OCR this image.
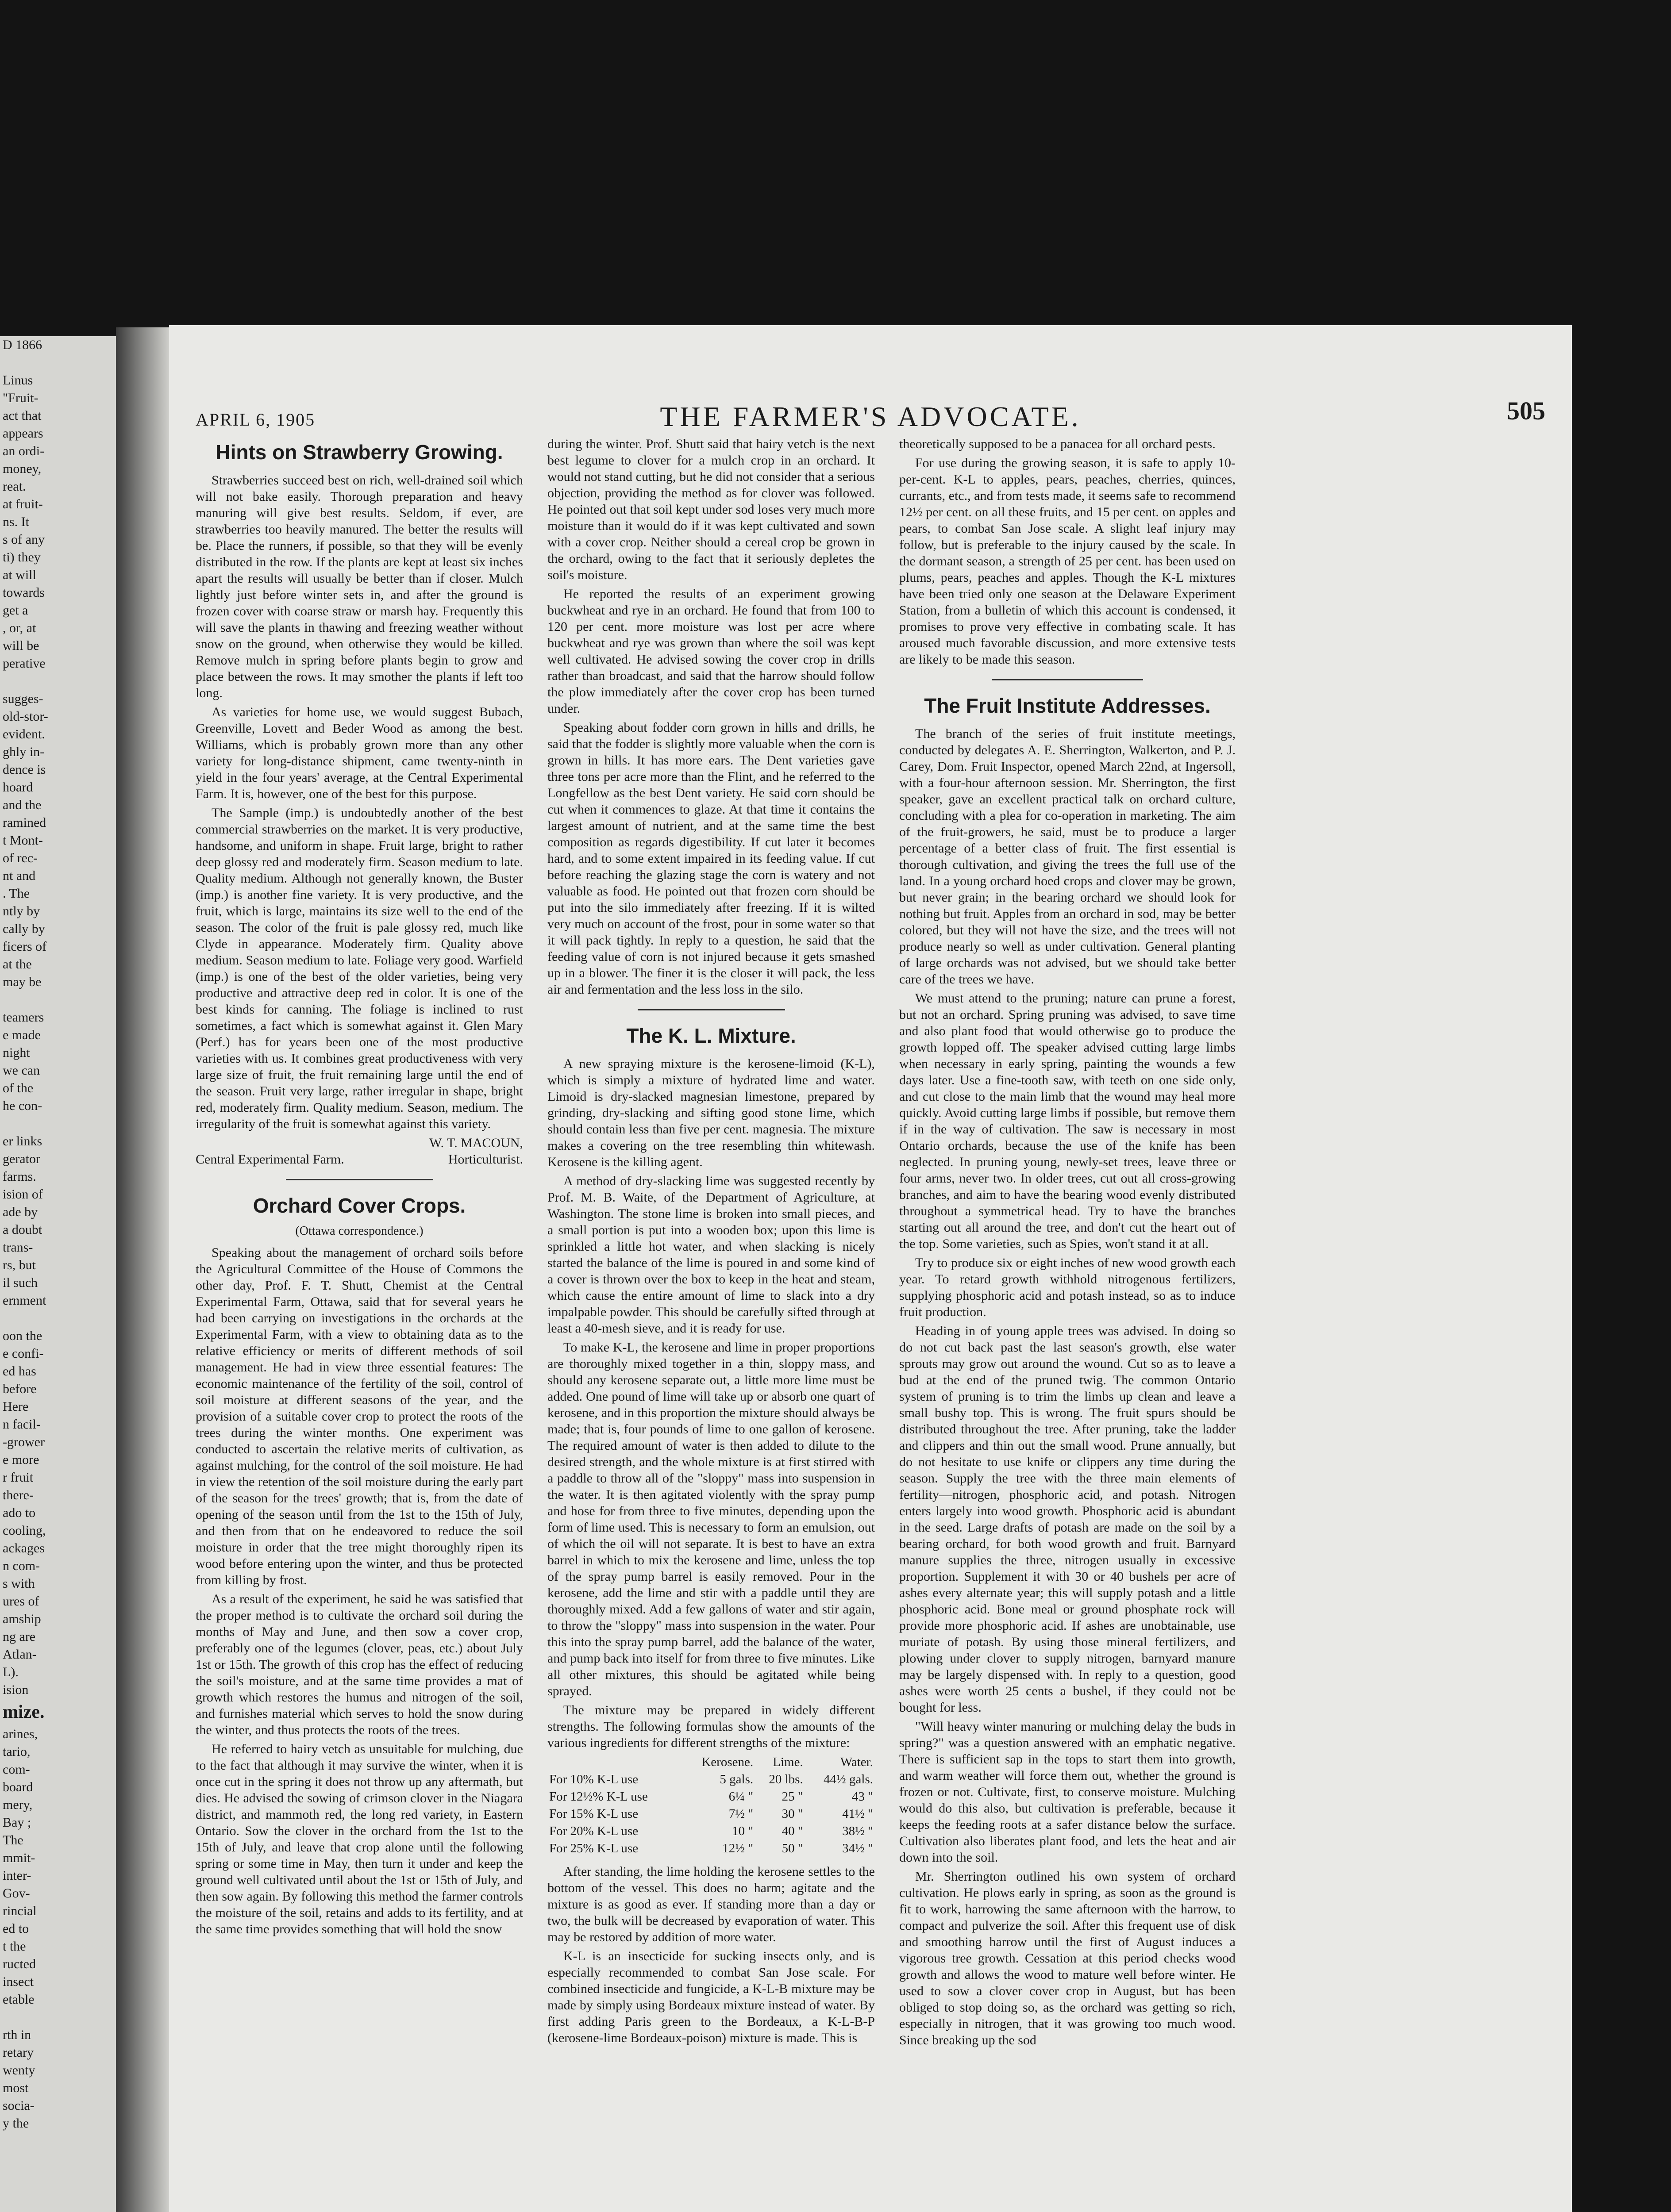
D 1866

Linus
"Fruit-
act that
appears
an ordi-
money,
reat.
at fruit-
ns. It
s of any
ti) they
at will
towards
get a
, or, at
will be
perative

sugges-
old-stor-
evident.
ghly in-
dence is
hoard
and the
ramined
t Mont-
of rec-
nt and
. The
ntly by
cally by
ficers of
at the
may be

teamers
e made
night
we can
of the
he con-

er links
gerator
farms.
ision of
ade by
a doubt
trans-
rs, but
il such
ernment

oon the
e confi-
ed has
before
Here
n facil-
-grower
e more
r fruit
there-
ado to
cooling,
ackages
n com-
s with
ures of
amship
ng are
Atlan-
L).
ision
mize.
arines,
tario,
com-
board
mery,
Bay ;
The
mmit-
inter-
Gov-
rincial
ed to
t the
ructed
insect
etable

rth in
retary
wenty
most
socia-
y the
APRIL 6, 1905	THE FARMER'S ADVOCATE.	505
Hints on Strawberry Growing.

Strawberries succeed best on rich, well-drained soil which will not bake easily. Thorough preparation and heavy manuring will give best results. Seldom, if ever, are strawberries too heavily manured. The better the results will be. Place the runners, if possible, so that they will be evenly distributed in the row. If the plants are kept at least six inches apart the results will usually be better than if closer. Mulch lightly just before winter sets in, and after the ground is frozen cover with coarse straw or marsh hay. Frequently this will save the plants in thawing and freezing weather without snow on the ground, when otherwise they would be killed. Remove mulch in spring before plants begin to grow and place between the rows. It may smother the plants if left too long.

As varieties for home use, we would suggest Bubach, Greenville, Lovett and Beder Wood as among the best. Williams, which is probably grown more than any other variety for long-distance shipment, came twenty-ninth in yield in the four years' average, at the Central Experimental Farm. It is, however, one of the best for this purpose.

The Sample (imp.) is undoubtedly another of the best commercial strawberries on the market. It is very productive, handsome, and uniform in shape. Fruit large, bright to rather deep glossy red and moderately firm. Season medium to late. Quality medium. Although not generally known, the Buster (imp.) is another fine variety. It is very productive, and the fruit, which is large, maintains its size well to the end of the season. The color of the fruit is pale glossy red, much like Clyde in appearance. Moderately firm. Quality above medium. Season medium to late. Foliage very good. Warfield (imp.) is one of the best of the older varieties, being very productive and attractive deep red in color. It is one of the best kinds for canning. The foliage is inclined to rust sometimes, a fact which is somewhat against it. Glen Mary (Perf.) has for years been one of the most productive varieties with us. It combines great productiveness with very large size of fruit, the fruit remaining large until the end of the season. Fruit very large, rather irregular in shape, bright red, moderately firm. Quality medium. Season, medium. The irregularity of the fruit is somewhat against this variety.

W. T. MACOUN,

Central Experimental Farm.	Horticulturist.
Orchard Cover Crops.
(Ottawa correspondence.)

Speaking about the management of orchard soils before the Agricultural Committee of the House of Commons the other day, Prof. F. T. Shutt, Chemist at the Central Experimental Farm, Ottawa, said that for several years he had been carrying on investigations in the orchards at the Experimental Farm, with a view to obtaining data as to the relative efficiency or merits of different methods of soil management. He had in view three essential features: The economic maintenance of the fertility of the soil, control of soil moisture at different seasons of the year, and the provision of a suitable cover crop to protect the roots of the trees during the winter months. One experiment was conducted to ascertain the relative merits of cultivation, as against mulching, for the control of the soil moisture. He had in view the retention of the soil moisture during the early part of the season for the trees' growth; that is, from the date of opening of the season until from the 1st to the 15th of July, and then from that on he endeavored to reduce the soil moisture in order that the tree might thoroughly ripen its wood before entering upon the winter, and thus be protected from killing by frost.

As a result of the experiment, he said he was satisfied that the proper method is to cultivate the orchard soil during the months of May and June, and then sow a cover crop, preferably one of the legumes (clover, peas, etc.) about July 1st or 15th. The growth of this crop has the effect of reducing the soil's moisture, and at the same time provides a mat of growth which restores the humus and nitrogen of the soil, and furnishes material which serves to hold the snow during the winter, and thus protects the roots of the trees.

He referred to hairy vetch as unsuitable for mulching, due to the fact that although it may survive the winter, when it is once cut in the spring it does not throw up any aftermath, but dies. He advised the sowing of crimson clover in the Niagara district, and mammoth red, the long red variety, in Eastern Ontario. Sow the clover in the orchard from the 1st to the 15th of July, and leave that crop alone until the following spring or some time in May, then turn it under and keep the ground well cultivated until about the 1st or 15th of July, and then sow again. By following this method the farmer controls the moisture of the soil, retains and adds to its fertility, and at the same time provides something that will hold the snow

during the winter. Prof. Shutt said that hairy vetch is the next best legume to clover for a mulch crop in an orchard. It would not stand cutting, but he did not consider that a serious objection, providing the method as for clover was followed. He pointed out that soil kept under sod loses very much more moisture than it would do if it was kept cultivated and sown with a cover crop. Neither should a cereal crop be grown in the orchard, owing to the fact that it seriously depletes the soil's moisture.

He reported the results of an experiment growing buckwheat and rye in an orchard. He found that from 100 to 120 per cent. more moisture was lost per acre where buckwheat and rye was grown than where the soil was kept well cultivated. He advised sowing the cover crop in drills rather than broadcast, and said that the harrow should follow the plow immediately after the cover crop has been turned under.

Speaking about fodder corn grown in hills and drills, he said that the fodder is slightly more valuable when the corn is grown in hills. It has more ears. The Dent varieties gave three tons per acre more than the Flint, and he referred to the Longfellow as the best Dent variety. He said corn should be cut when it commences to glaze. At that time it contains the largest amount of nutrient, and at the same time the best composition as regards digestibility. If cut later it becomes hard, and to some extent impaired in its feeding value. If cut before reaching the glazing stage the corn is watery and not valuable as food. He pointed out that frozen corn should be put into the silo immediately after freezing. If it is wilted very much on account of the frost, pour in some water so that it will pack tightly. In reply to a question, he said that the feeding value of corn is not injured because it gets smashed up in a blower. The finer it is the closer it will pack, the less air and fermentation and the less loss in the silo.

The K. L. Mixture.

A new spraying mixture is the kerosene-limoid (K-L), which is simply a mixture of hydrated lime and water. Limoid is dry-slacked magnesian limestone, prepared by grinding, dry-slacking and sifting good stone lime, which should contain less than five per cent. magnesia. The mixture makes a covering on the tree resembling thin whitewash. Kerosene is the killing agent.

A method of dry-slacking lime was suggested recently by Prof. M. B. Waite, of the Department of Agriculture, at Washington. The stone lime is broken into small pieces, and a small portion is put into a wooden box; upon this lime is sprinkled a little hot water, and when slacking is nicely started the balance of the lime is poured in and some kind of a cover is thrown over the box to keep in the heat and steam, which cause the entire amount of lime to slack into a dry impalpable powder. This should be carefully sifted through at least a 40-mesh sieve, and it is ready for use.

To make K-L, the kerosene and lime in proper proportions are thoroughly mixed together in a thin, sloppy mass, and should any kerosene separate out, a little more lime must be added. One pound of lime will take up or absorb one quart of kerosene, and in this proportion the mixture should always be made; that is, four pounds of lime to one gallon of kerosene. The required amount of water is then added to dilute to the desired strength, and the whole mixture is at first stirred with a paddle to throw all of the "sloppy" mass into suspension in the water. It is then agitated violently with the spray pump and hose for from three to five minutes, depending upon the form of lime used. This is necessary to form an emulsion, out of which the oil will not separate. It is best to have an extra barrel in which to mix the kerosene and lime, unless the top of the spray pump barrel is easily removed. Pour in the kerosene, add the lime and stir with a paddle until they are thoroughly mixed. Add a few gallons of water and stir again, to throw the "sloppy" mass into suspension in the water. Pour this into the spray pump barrel, add the balance of the water, and pump back into itself for from three to five minutes. Like all other mixtures, this should be agitated while being sprayed.

The mixture may be prepared in widely different strengths. The following formulas show the amounts of the various ingredients for different strengths of the mixture:

	Kerosene.	Lime.	Water.
For 10% K-L use	5 gals.	20 lbs.	44½ gals.
For 12½% K-L use	6¼ "	25 "	43 "
For 15% K-L use	7½ "	30 "	41½ "
For 20% K-L use	10 "	40 "	38½ "
For 25% K-L use	12½ "	50 "	34½ "

After standing, the lime holding the kerosene settles to the bottom of the vessel. This does no harm; agitate and the mixture is as good as ever. If standing more than a day or two, the bulk will be decreased by evaporation of water. This may be restored by addition of more water.

K-L is an insecticide for sucking insects only, and is especially recommended to combat San Jose scale. For combined insecticide and fungicide, a K-L-B mixture may be made by simply using Bordeaux mixture instead of water. By first adding Paris green to the Bordeaux, a K-L-B-P (kerosene-lime Bordeaux-poison) mixture is made. This is

theoretically supposed to be a panacea for all orchard pests.

For use during the growing season, it is safe to apply 10-per-cent. K-L to apples, pears, peaches, cherries, quinces, currants, etc., and from tests made, it seems safe to recommend 12½ per cent. on all these fruits, and 15 per cent. on apples and pears, to combat San Jose scale. A slight leaf injury may follow, but is preferable to the injury caused by the scale. In the dormant season, a strength of 25 per cent. has been used on plums, pears, peaches and apples. Though the K-L mixtures have been tried only one season at the Delaware Experiment Station, from a bulletin of which this account is condensed, it promises to prove very effective in combating scale. It has aroused much favorable discussion, and more extensive tests are likely to be made this season.

The Fruit Institute Addresses.

The branch of the series of fruit institute meetings, conducted by delegates A. E. Sherrington, Walkerton, and P. J. Carey, Dom. Fruit Inspector, opened March 22nd, at Ingersoll, with a four-hour afternoon session. Mr. Sherrington, the first speaker, gave an excellent practical talk on orchard culture, concluding with a plea for co-operation in marketing. The aim of the fruit-growers, he said, must be to produce a larger percentage of a better class of fruit. The first essential is thorough cultivation, and giving the trees the full use of the land. In a young orchard hoed crops and clover may be grown, but never grain; in the bearing orchard we should look for nothing but fruit. Apples from an orchard in sod, may be better colored, but they will not have the size, and the trees will not produce nearly so well as under cultivation. General planting of large orchards was not advised, but we should take better care of the trees we have.

We must attend to the pruning; nature can prune a forest, but not an orchard. Spring pruning was advised, to save time and also plant food that would otherwise go to produce the growth lopped off. The speaker advised cutting large limbs when necessary in early spring, painting the wounds a few days later. Use a fine-tooth saw, with teeth on one side only, and cut close to the main limb that the wound may heal more quickly. Avoid cutting large limbs if possible, but remove them if in the way of cultivation. The saw is necessary in most Ontario orchards, because the use of the knife has been neglected. In pruning young, newly-set trees, leave three or four arms, never two. In older trees, cut out all cross-growing branches, and aim to have the bearing wood evenly distributed throughout a symmetrical head. Try to have the branches starting out all around the tree, and don't cut the heart out of the top. Some varieties, such as Spies, won't stand it at all.

Try to produce six or eight inches of new wood growth each year. To retard growth withhold nitrogenous fertilizers, supplying phosphoric acid and potash instead, so as to induce fruit production.

Heading in of young apple trees was advised. In doing so do not cut back past the last season's growth, else water sprouts may grow out around the wound. Cut so as to leave a bud at the end of the pruned twig. The common Ontario system of pruning is to trim the limbs up clean and leave a small bushy top. This is wrong. The fruit spurs should be distributed throughout the tree. After pruning, take the ladder and clippers and thin out the small wood. Prune annually, but do not hesitate to use knife or clippers any time during the season. Supply the tree with the three main elements of fertility—nitrogen, phosphoric acid, and potash. Nitrogen enters largely into wood growth. Phosphoric acid is abundant in the seed. Large drafts of potash are made on the soil by a bearing orchard, for both wood growth and fruit. Barnyard manure supplies the three, nitrogen usually in excessive proportion. Supplement it with 30 or 40 bushels per acre of ashes every alternate year; this will supply potash and a little phosphoric acid. Bone meal or ground phosphate rock will provide more phosphoric acid. If ashes are unobtainable, use muriate of potash. By using those mineral fertilizers, and plowing under clover to supply nitrogen, barnyard manure may be largely dispensed with. In reply to a question, good ashes were worth 25 cents a bushel, if they could not be bought for less.

"Will heavy winter manuring or mulching delay the buds in spring?" was a question answered with an emphatic negative. There is sufficient sap in the tops to start them into growth, and warm weather will force them out, whether the ground is frozen or not. Cultivate, first, to conserve moisture. Mulching would do this also, but cultivation is preferable, because it keeps the feeding roots at a safer distance below the surface. Cultivation also liberates plant food, and lets the heat and air down into the soil.

Mr. Sherrington outlined his own system of orchard cultivation. He plows early in spring, as soon as the ground is fit to work, harrowing the same afternoon with the harrow, to compact and pulverize the soil. After this frequent use of disk and smoothing harrow until the first of August induces a vigorous tree growth. Cessation at this period checks wood growth and allows the wood to mature well before winter. He used to sow a clover cover crop in August, but has been obliged to stop doing so, as the orchard was getting so rich, especially in nitrogen, that it was growing too much wood. Since breaking up the sod
